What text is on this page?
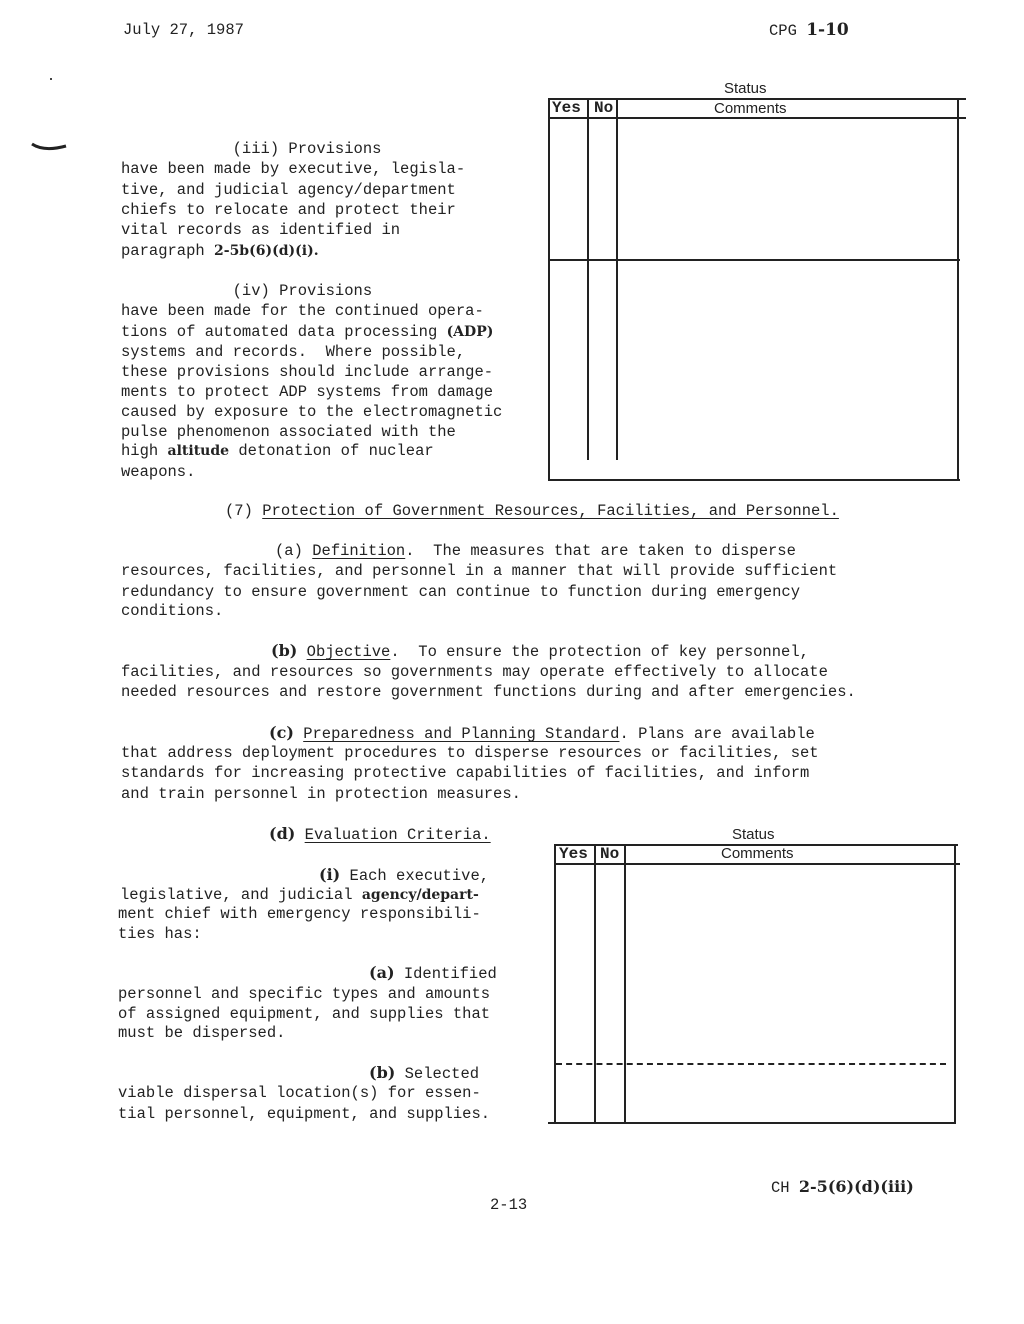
July 27, 1987	CPG 1-10
Status
Comments
Yes No
(iii) Provisions
have been made by executive, legisla-
tive, and judicial agency/department
chiefs to relocate and protect their
vital records as identified in
paragraph 2-5b(6)(d)(i).
(iv) Provisions
have been made for the continued opera-
tions of automated data processing (ADP)
systems and records.  Where possible,
these provisions should include arrange-
ments to protect ADP systems from damage
caused by exposure to the electromagnetic
pulse phenomenon associated with the
high altitude detonation of nuclear
weapons.
(7) Protection of Government Resources, Facilities, and Personnel.
(a) Definition.  The measures that are taken to disperse
resources, facilities, and personnel in a manner that will provide sufficient
redundancy to ensure government can continue to function during emergency
conditions.
(b) Objective.  To ensure the protection of key personnel,
facilities, and resources so governments may operate effectively to allocate
needed resources and restore government functions during and after emergencies.
(c) Preparedness and Planning Standard. Plans are available
that address deployment procedures to disperse resources or facilities, set
standards for increasing protective capabilities of facilities, and inform
and train personnel in protection measures.
(d) Evaluation Criteria.	Status
Comments
Yes No
(i) Each executive,
legislative, and judicial agency/depart-
ment chief with emergency responsibili-
ties has:
(a) Identified
personnel and specific types and amounts
of assigned equipment, and supplies that
must be dispersed.
(b) Selected
viable dispersal location(s) for essen-
tial personnel, equipment, and supplies.
CH 2-5(6)(d)(iii)
2-13
